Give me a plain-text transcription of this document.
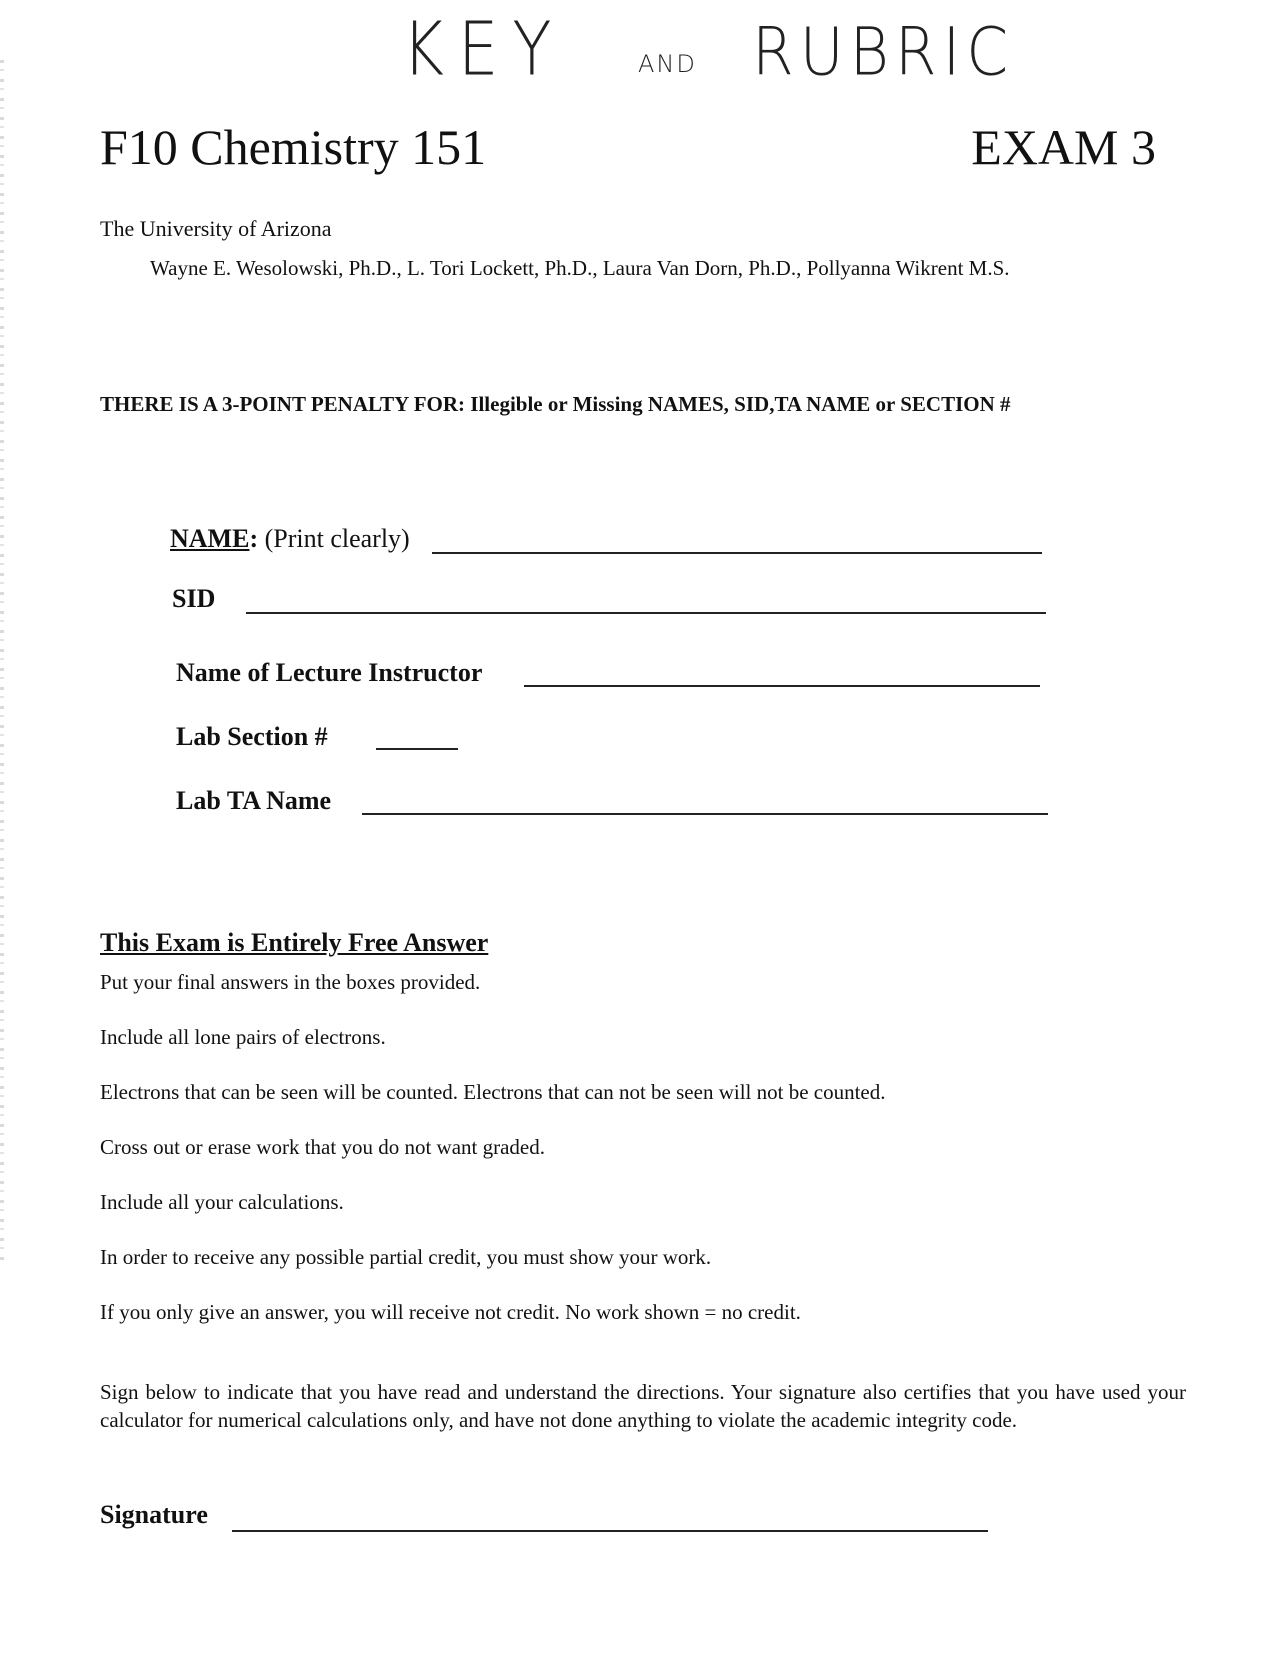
KEY	AND RUBRIC
F10 Chemistry 151	EXAM 3
The University of Arizona
Wayne E. Wesolowski, Ph.D., L. Tori Lockett, Ph.D., Laura Van Dorn, Ph.D., Pollyanna Wikrent M.S.
THERE IS A 3-POINT PENALTY FOR: Illegible or Missing NAMES, SID,TA NAME or SECTION #
NAME: (Print clearly)
SID
Name of Lecture Instructor
Lab Section #
Lab TA Name
This Exam is Entirely Free Answer
Put your final answers in the boxes provided.
Include all lone pairs of electrons.
Electrons that can be seen will be counted. Electrons that can not be seen will not be counted.
Cross out or erase work that you do not want graded.
Include all your calculations.
In order to receive any possible partial credit, you must show your work.
If you only give an answer, you will receive not credit. No work shown = no credit.
Sign below to indicate that you have read and understand the directions. Your signature also certifies that you have used your calculator for numerical calculations only, and have not done anything to violate the academic integrity code.
Signature
